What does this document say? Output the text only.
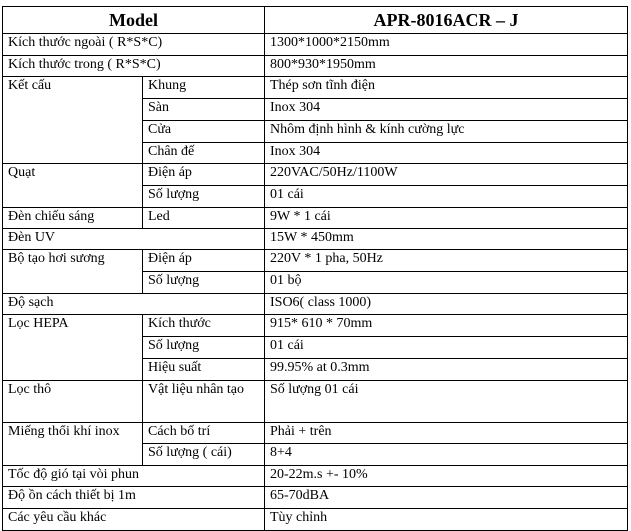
Model		APR-8016ACR – J
Kích thước ngoài ( R*S*C)		1300*1000*2150mm
Kích thước trong ( R*S*C)		800*930*1950mm
Kết cấu	Khung	Thép sơn tĩnh điện
	Sàn	Inox 304
	Cửa	Nhôm định hình & kính cường lực
	Chân đế	Inox 304
Quạt	Điện áp	220VAC/50Hz/1100W
	Số lượng	01 cái
Đèn chiếu sáng	Led	9W * 1 cái
Đèn UV		15W * 450mm
Bộ tạo hơi sương	Điện áp	220V * 1 pha, 50Hz
	Số lượng	01 bộ
Độ sạch		ISO6( class 1000)
Lọc HEPA	Kích thước	915* 610 * 70mm
	Số lượng	01 cái
	Hiệu suất	99.95% at 0.3mm
Lọc thô	Vật liệu nhân tạo	Số lượng 01 cái
Miếng thổi khí inox	Cách bố trí	Phải + trên
	Số lượng ( cái)	8+4
Tốc độ gió tại vòi phun		20-22m.s +- 10%
Độ ồn cách thiết bị 1m		65-70dBA
Các yêu cầu khác		Tùy chỉnh
